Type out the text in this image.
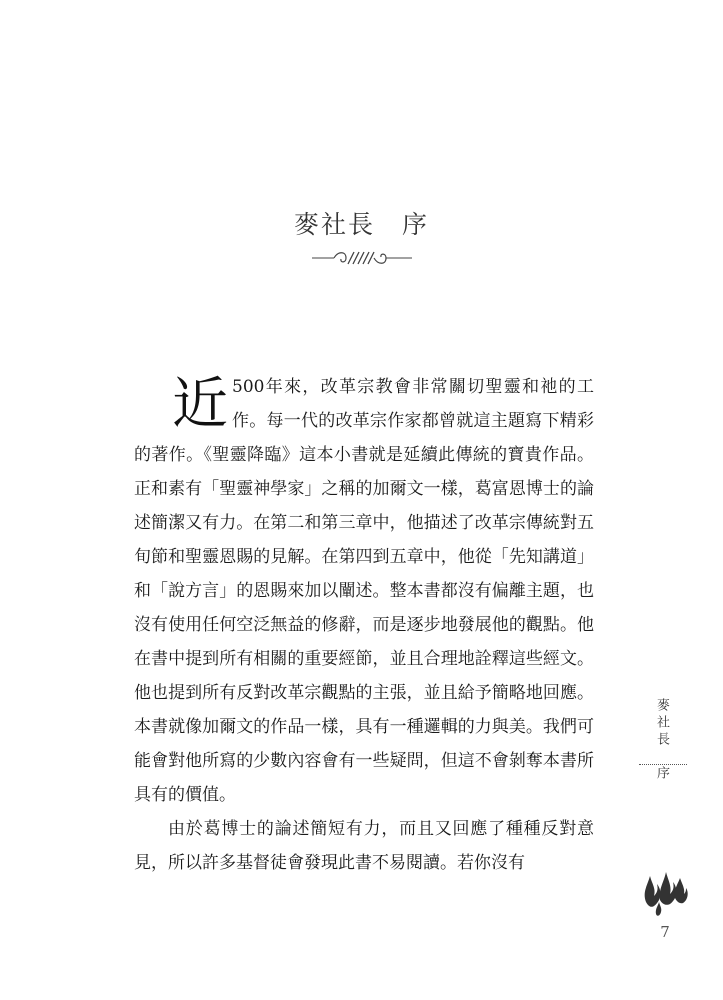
麥社長　序

近 500年來，改革宗教會非常關切聖靈和祂的工作。每一代的改革宗作家都曾就這主題寫下精彩的著作。《聖靈降臨》這本小書就是延續此傳統的寶貴作品。正和素有「聖靈神學家」之稱的加爾文一樣，葛富恩博士的論述簡潔又有力。在第二和第三章中，他描述了改革宗傳統對五旬節和聖靈恩賜的見解。在第四到五章中，他從「先知講道」和「說方言」的恩賜來加以闡述。整本書都沒有偏離主題，也沒有使用任何空泛無益的修辭，而是逐步地發展他的觀點。他在書中提到所有相關的重要經節，並且合理地詮釋這些經文。他也提到所有反對改革宗觀點的主張，並且給予簡略地回應。本書就像加爾文的作品一樣，具有一種邏輯的力與美。我們可能會對他所寫的少數內容會有一些疑問，但這不會剝奪本書所具有的價值。

由於葛博士的論述簡短有力，而且又回應了種種反對意見，所以許多基督徒會發現此書不易閱讀。若你沒有

麥社長　序
7
